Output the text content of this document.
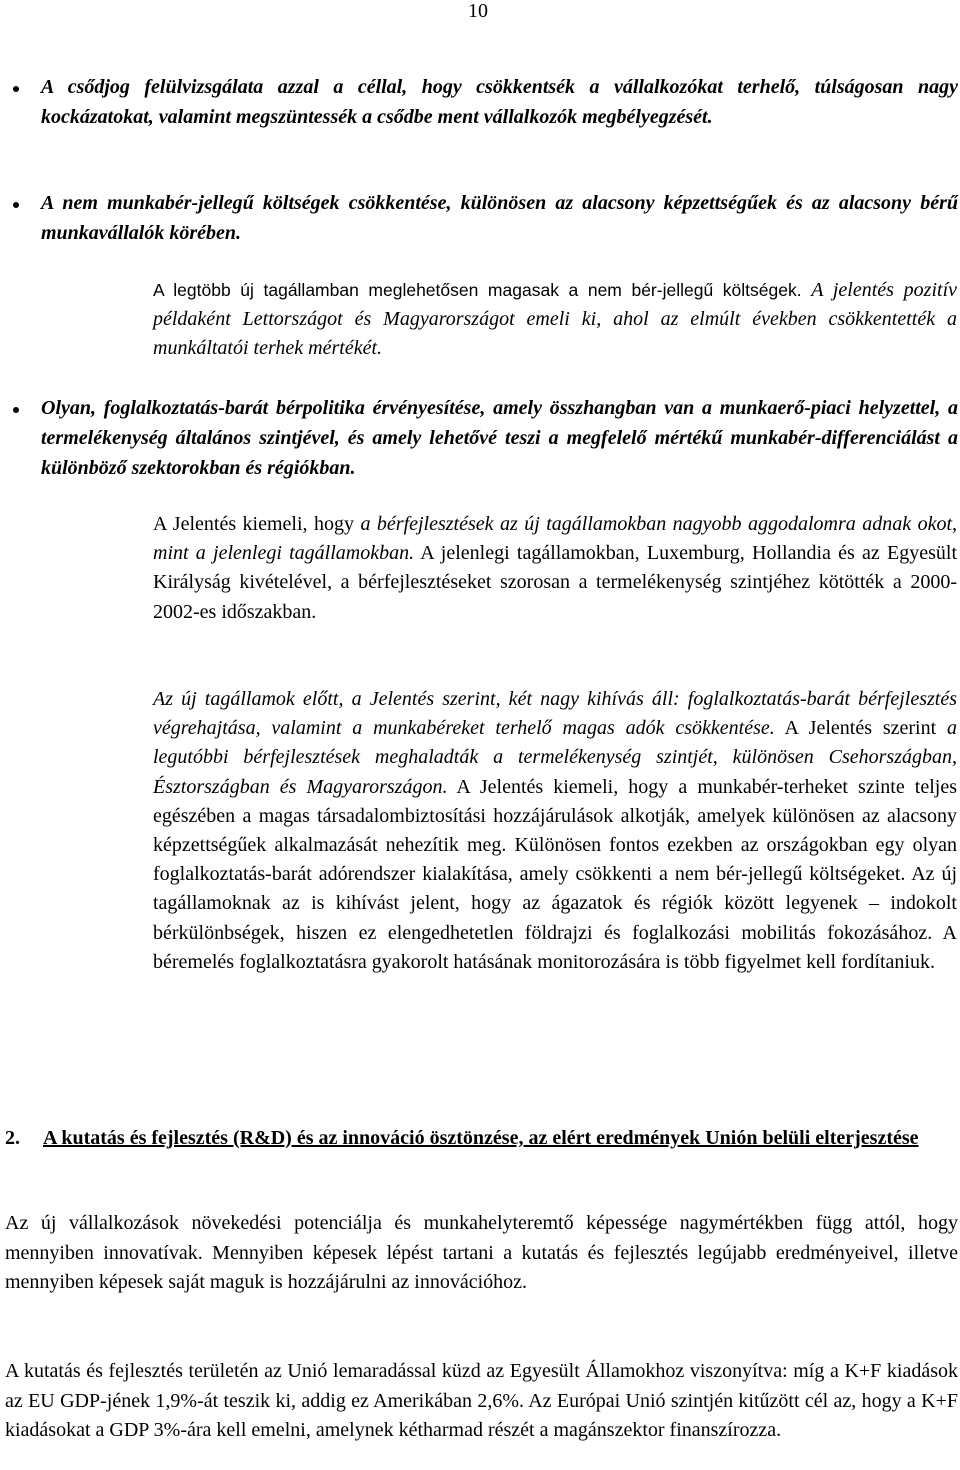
10

A csődjog felülvizsgálata azzal a céllal, hogy csökkentsék a vállalkozókat terhelő, túlságosan nagy kockázatokat, valamint megszüntessék a csődbe ment vállalkozók megbélyegzését.

A nem munkabér-jellegű költségek csökkentése, különösen az alacsony képzettségűek és az alacsony bérű munkavállalók körében.

A legtöbb új tagállamban meglehetősen magasak a nem bér-jellegű költségek. A jelentés pozitív példaként Lettországot és Magyarországot emeli ki, ahol az elmúlt években csökkentették a munkáltatói terhek mértékét.

Olyan, foglalkoztatás-barát bérpolitika érvényesítése, amely összhangban van a munkaerő-piaci helyzettel, a termelékenység általános szintjével, és amely lehetővé teszi a megfelelő mértékű munkabér-differenciálást a különböző szektorokban és régiókban.

A Jelentés kiemeli, hogy a bérfejlesztések az új tagállamokban nagyobb aggodalomra adnak okot, mint a jelenlegi tagállamokban. A jelenlegi tagállamokban, Luxemburg, Hollandia és az Egyesült Királyság kivételével, a bérfejlesztéseket szorosan a termelékenység szintjéhez kötötték a 2000-2002-es időszakban.

Az új tagállamok előtt, a Jelentés szerint, két nagy kihívás áll: foglalkoztatás-barát bérfejlesztés végrehajtása, valamint a munkabéreket terhelő magas adók csökkentése. A Jelentés szerint a legutóbbi bérfejlesztések meghaladták a termelékenység szintjét, különösen Csehországban, Észtországban és Magyarországon. A Jelentés kiemeli, hogy a munkabér-terheket szinte teljes egészében a magas társadalombiztosítási hozzájárulások alkotják, amelyek különösen az alacsony képzettségűek alkalmazását nehezítik meg. Különösen fontos ezekben az országokban egy olyan foglalkoztatás-barát adórendszer kialakítása, amely csökkenti a nem bér-jellegű költségeket. Az új tagállamoknak az is kihívást jelent, hogy az ágazatok és régiók között legyenek – indokolt bérkülönbségek, hiszen ez elengedhetetlen földrajzi és foglalkozási mobilitás fokozásához. A béremelés foglalkoztatásra gyakorolt hatásának monitorozására is több figyelmet kell fordítaniuk.

2. A kutatás és fejlesztés (R&D) és az innováció ösztönzése, az elért eredmények Unión belüli elterjesztése

Az új vállalkozások növekedési potenciálja és munkahelyteremtő képessége nagymértékben függ attól, hogy mennyiben innovatívak. Mennyiben képesek lépést tartani a kutatás és fejlesztés legújabb eredményeivel, illetve mennyiben képesek saját maguk is hozzájárulni az innovációhoz.

A kutatás és fejlesztés területén az Unió lemaradással küzd az Egyesült Államokhoz viszonyítva: míg a K+F kiadások az EU GDP-jének 1,9%-át teszik ki, addig ez Amerikában 2,6%. Az Európai Unió szintjén kitűzött cél az, hogy a K+F kiadásokat a GDP 3%-ára kell emelni, amelynek kétharmad részét a magánszektor finanszírozza.
